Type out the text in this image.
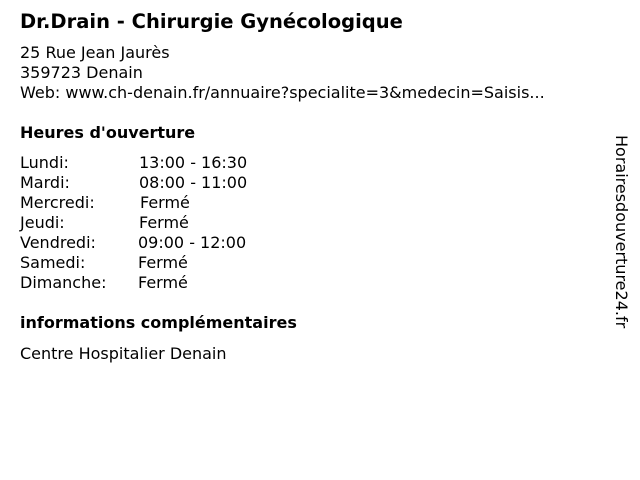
Dr.Drain - Chirurgie Gynécologique
25 Rue Jean Jaurès
359723 Denain
Web: www.ch-denain.fr/annuaire?specialite=3&medecin=Saisis...
Heures d'ouverture
Lundi:	13:00 - 16:30
Mardi:	08:00 - 11:00
Mercredi:	Fermé
Jeudi:	Fermé
Vendredi:	09:00 - 12:00
Samedi:	Fermé
Dimanche: Fermé
informations complémentaires
Centre Hospitalier Denain
Horairesdouverture24.fr
